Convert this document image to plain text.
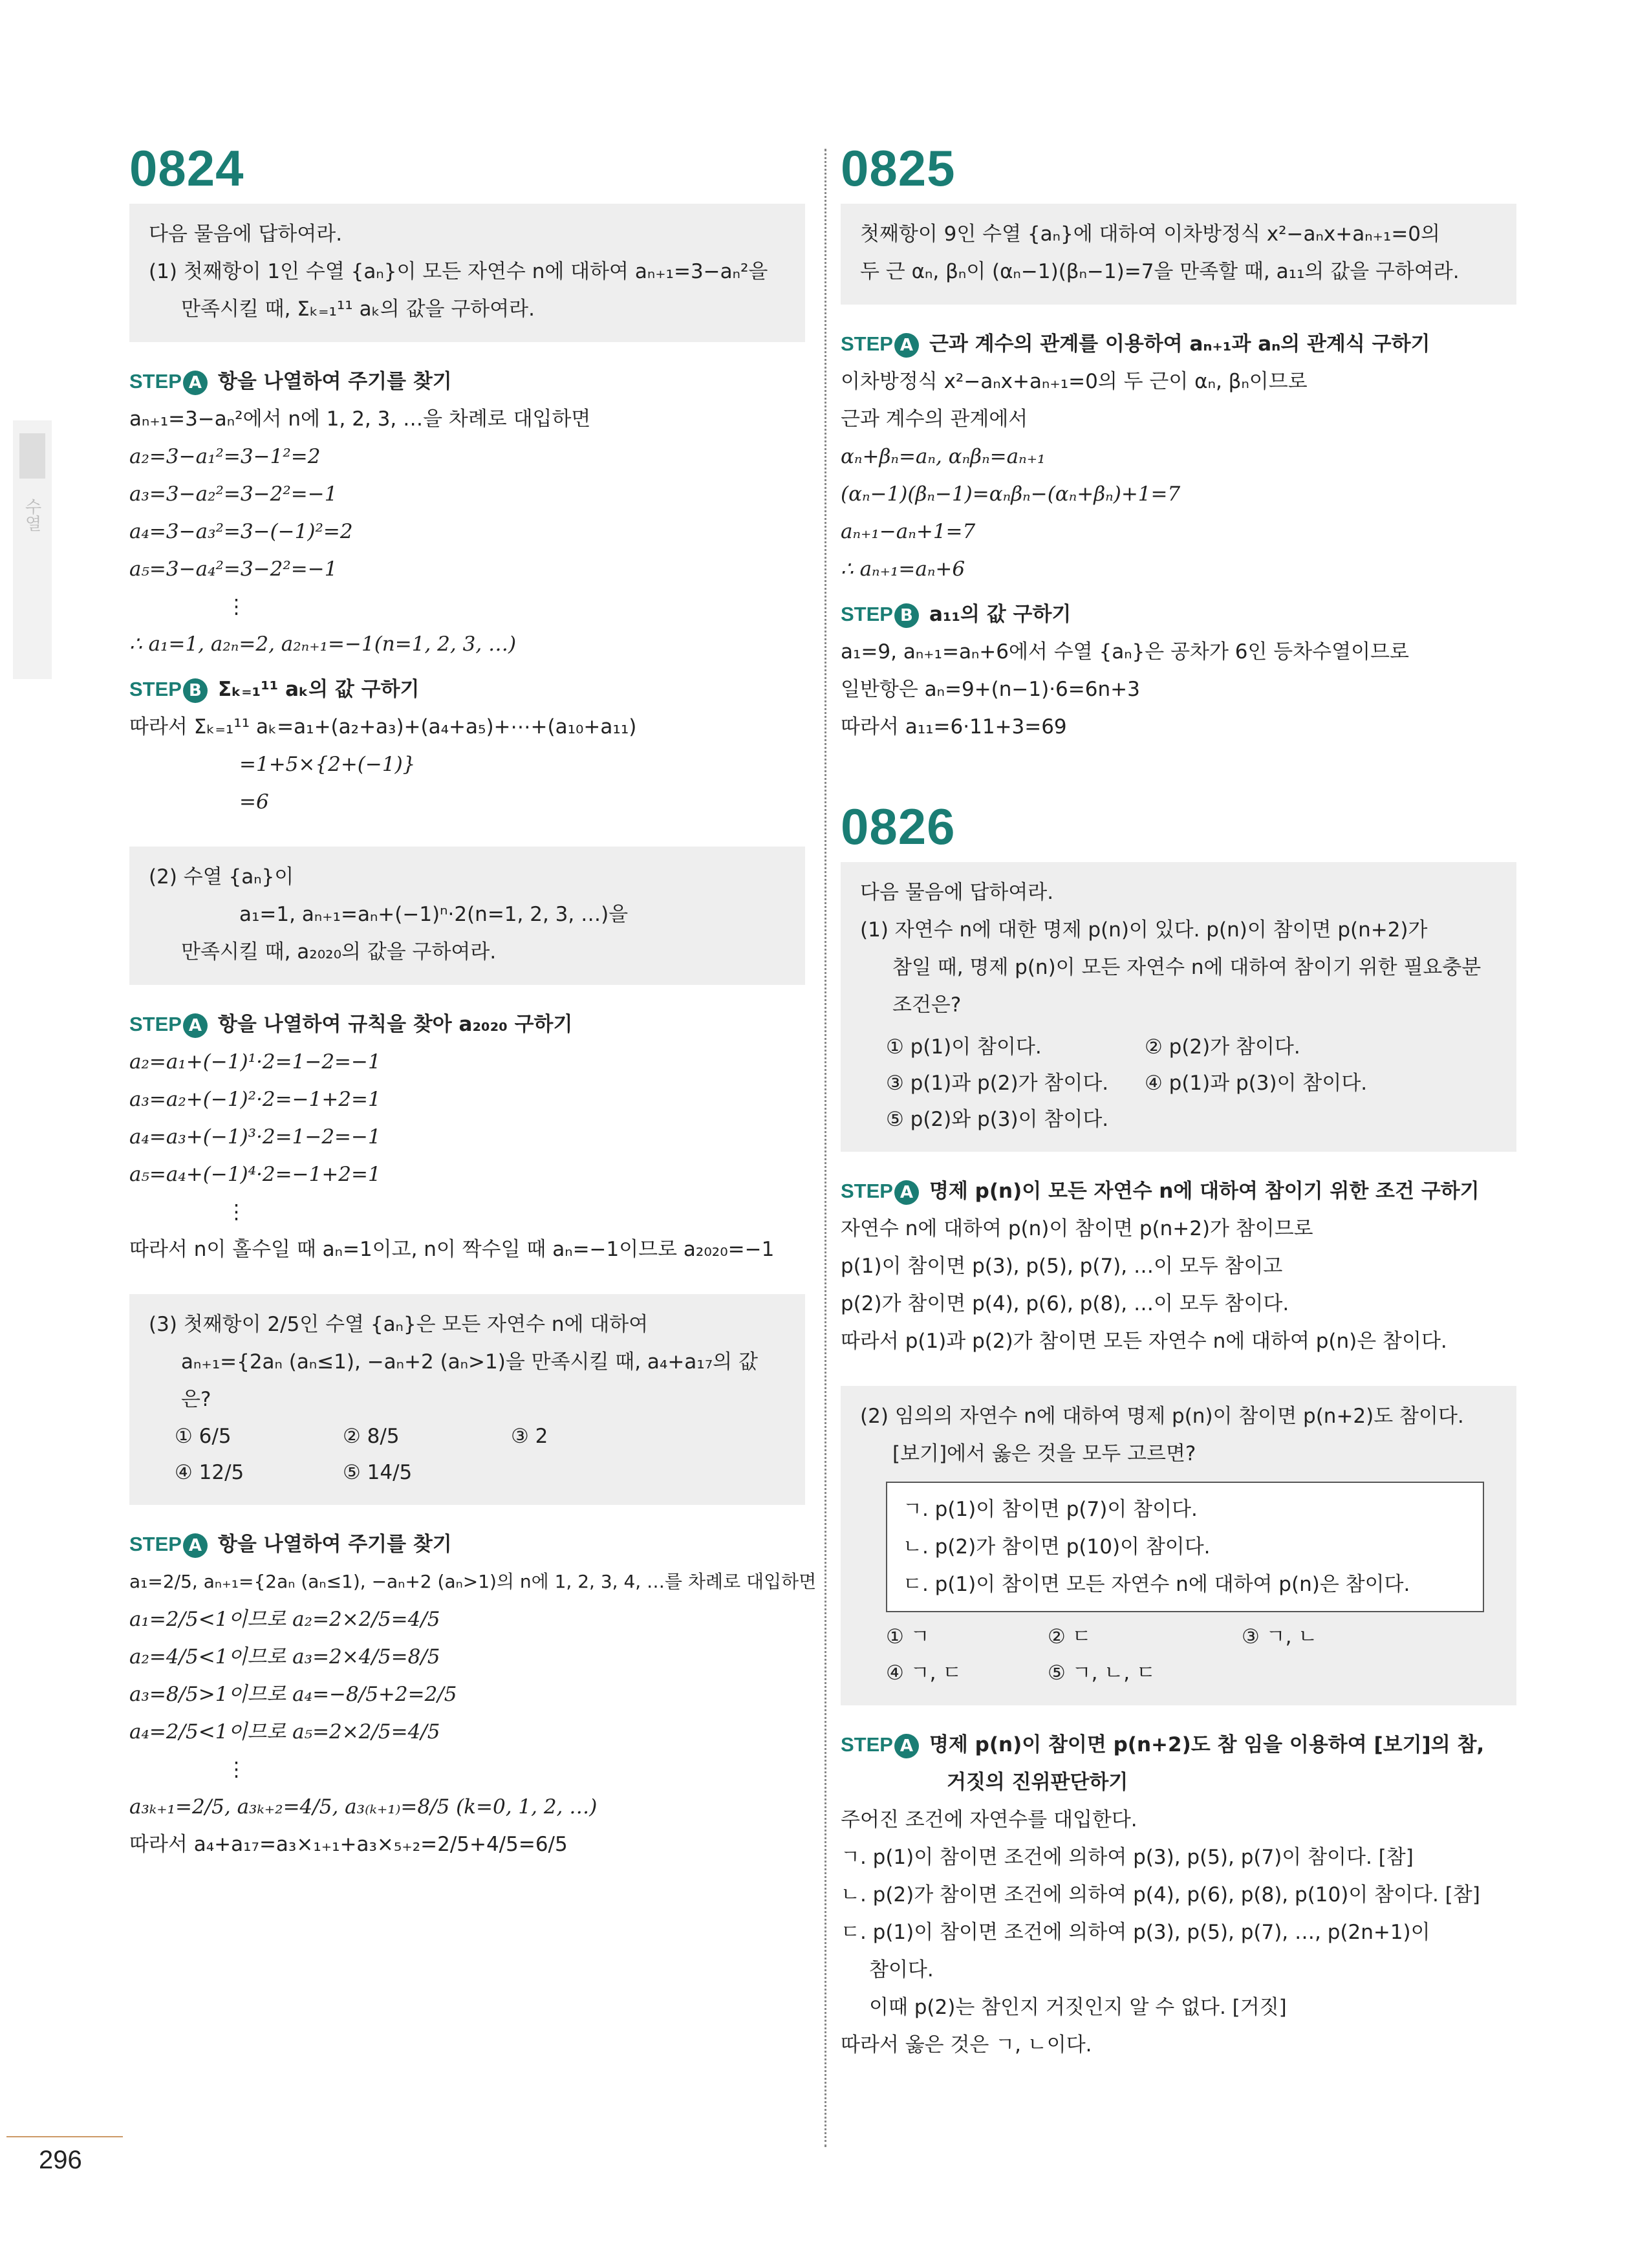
수열
0824
다음 물음에 답하여라.
(1) 첫째항이 1인 수열 {aₙ}이 모든 자연수 n에 대하여 aₙ₊₁=3−aₙ²을
만족시킬 때, Σₖ₌₁¹¹ aₖ의 값을 구하여라.
STEP A 항을 나열하여 주기를 찾기
aₙ₊₁=3−aₙ²에서 n에 1, 2, 3, …을 차례로 대입하면
a₂=3−a₁²=3−1²=2
a₃=3−a₂²=3−2²=−1
a₄=3−a₃²=3−(−1)²=2
a₅=3−a₄²=3−2²=−1
⋮
∴ a₁=1, a₂ₙ=2, a₂ₙ₊₁=−1(n=1, 2, 3, …)
STEP B Σₖ₌₁¹¹ aₖ의 값 구하기
따라서 Σₖ₌₁¹¹ aₖ=a₁+(a₂+a₃)+(a₄+a₅)+⋯+(a₁₀+a₁₁)
=1+5×{2+(−1)}
=6
(2) 수열 {aₙ}이
a₁=1, aₙ₊₁=aₙ+(−1)ⁿ·2(n=1, 2, 3, …)을
만족시킬 때, a₂₀₂₀의 값을 구하여라.
STEP A 항을 나열하여 규칙을 찾아 a₂₀₂₀ 구하기
a₂=a₁+(−1)¹·2=1−2=−1
a₃=a₂+(−1)²·2=−1+2=1
a₄=a₃+(−1)³·2=1−2=−1
a₅=a₄+(−1)⁴·2=−1+2=1
⋮
따라서 n이 홀수일 때 aₙ=1이고, n이 짝수일 때 aₙ=−1이므로 a₂₀₂₀=−1
(3) 첫째항이 2/5인 수열 {aₙ}은 모든 자연수 n에 대하여
aₙ₊₁={2aₙ (aₙ≤1), −aₙ+2 (aₙ>1)을 만족시킬 때, a₄+a₁₇의 값은?
① 6/5	② 8/5	③ 2
④ 12/5	⑤ 14/5
STEP A 항을 나열하여 주기를 찾기
a₁=2/5, aₙ₊₁={2aₙ (aₙ≤1), −aₙ+2 (aₙ>1)의 n에 1, 2, 3, 4, …를 차례로 대입하면
a₁=2/5<1이므로 a₂=2×2/5=4/5
a₂=4/5<1이므로 a₃=2×4/5=8/5
a₃=8/5>1이므로 a₄=−8/5+2=2/5
a₄=2/5<1이므로 a₅=2×2/5=4/5
⋮
a₃ₖ₊₁=2/5, a₃ₖ₊₂=4/5, a₃₍ₖ₊₁₎=8/5 (k=0, 1, 2, …)
따라서 a₄+a₁₇=a₃×₁₊₁+a₃×₅₊₂=2/5+4/5=6/5
0825
첫째항이 9인 수열 {aₙ}에 대하여 이차방정식 x²−aₙx+aₙ₊₁=0의
두 근 αₙ, βₙ이 (αₙ−1)(βₙ−1)=7을 만족할 때, a₁₁의 값을 구하여라.
STEP A 근과 계수의 관계를 이용하여 aₙ₊₁과 aₙ의 관계식 구하기
이차방정식 x²−aₙx+aₙ₊₁=0의 두 근이 αₙ, βₙ이므로
근과 계수의 관계에서
αₙ+βₙ=aₙ, αₙβₙ=aₙ₊₁
(αₙ−1)(βₙ−1)=αₙβₙ−(αₙ+βₙ)+1=7
aₙ₊₁−aₙ+1=7
∴ aₙ₊₁=aₙ+6
STEP B a₁₁의 값 구하기
a₁=9, aₙ₊₁=aₙ+6에서 수열 {aₙ}은 공차가 6인 등차수열이므로
일반항은 aₙ=9+(n−1)·6=6n+3
따라서 a₁₁=6·11+3=69
0826
다음 물음에 답하여라.
(1) 자연수 n에 대한 명제 p(n)이 있다. p(n)이 참이면 p(n+2)가
참일 때, 명제 p(n)이 모든 자연수 n에 대하여 참이기 위한 필요충분
조건은?
① p(1)이 참이다.	② p(2)가 참이다.
③ p(1)과 p(2)가 참이다.	④ p(1)과 p(3)이 참이다.
⑤ p(2)와 p(3)이 참이다.
STEP A 명제 p(n)이 모든 자연수 n에 대하여 참이기 위한 조건 구하기
자연수 n에 대하여 p(n)이 참이면 p(n+2)가 참이므로
p(1)이 참이면 p(3), p(5), p(7), …이 모두 참이고
p(2)가 참이면 p(4), p(6), p(8), …이 모두 참이다.
따라서 p(1)과 p(2)가 참이면 모든 자연수 n에 대하여 p(n)은 참이다.
(2) 임의의 자연수 n에 대하여 명제 p(n)이 참이면 p(n+2)도 참이다.
[보기]에서 옳은 것을 모두 고르면?
ㄱ. p(1)이 참이면 p(7)이 참이다.
ㄴ. p(2)가 참이면 p(10)이 참이다.
ㄷ. p(1)이 참이면 모든 자연수 n에 대하여 p(n)은 참이다.
① ㄱ	② ㄷ	③ ㄱ, ㄴ
④ ㄱ, ㄷ	⑤ ㄱ, ㄴ, ㄷ
STEP A 명제 p(n)이 참이면 p(n+2)도 참 임을 이용하여 [보기]의 참,
거짓의 진위판단하기
주어진 조건에 자연수를 대입한다.
ㄱ. p(1)이 참이면 조건에 의하여 p(3), p(5), p(7)이 참이다. [참]
ㄴ. p(2)가 참이면 조건에 의하여 p(4), p(6), p(8), p(10)이 참이다. [참]
ㄷ. p(1)이 참이면 조건에 의하여 p(3), p(5), p(7), …, p(2n+1)이
참이다.
이때 p(2)는 참인지 거짓인지 알 수 없다. [거짓]
따라서 옳은 것은 ㄱ, ㄴ이다.
296
